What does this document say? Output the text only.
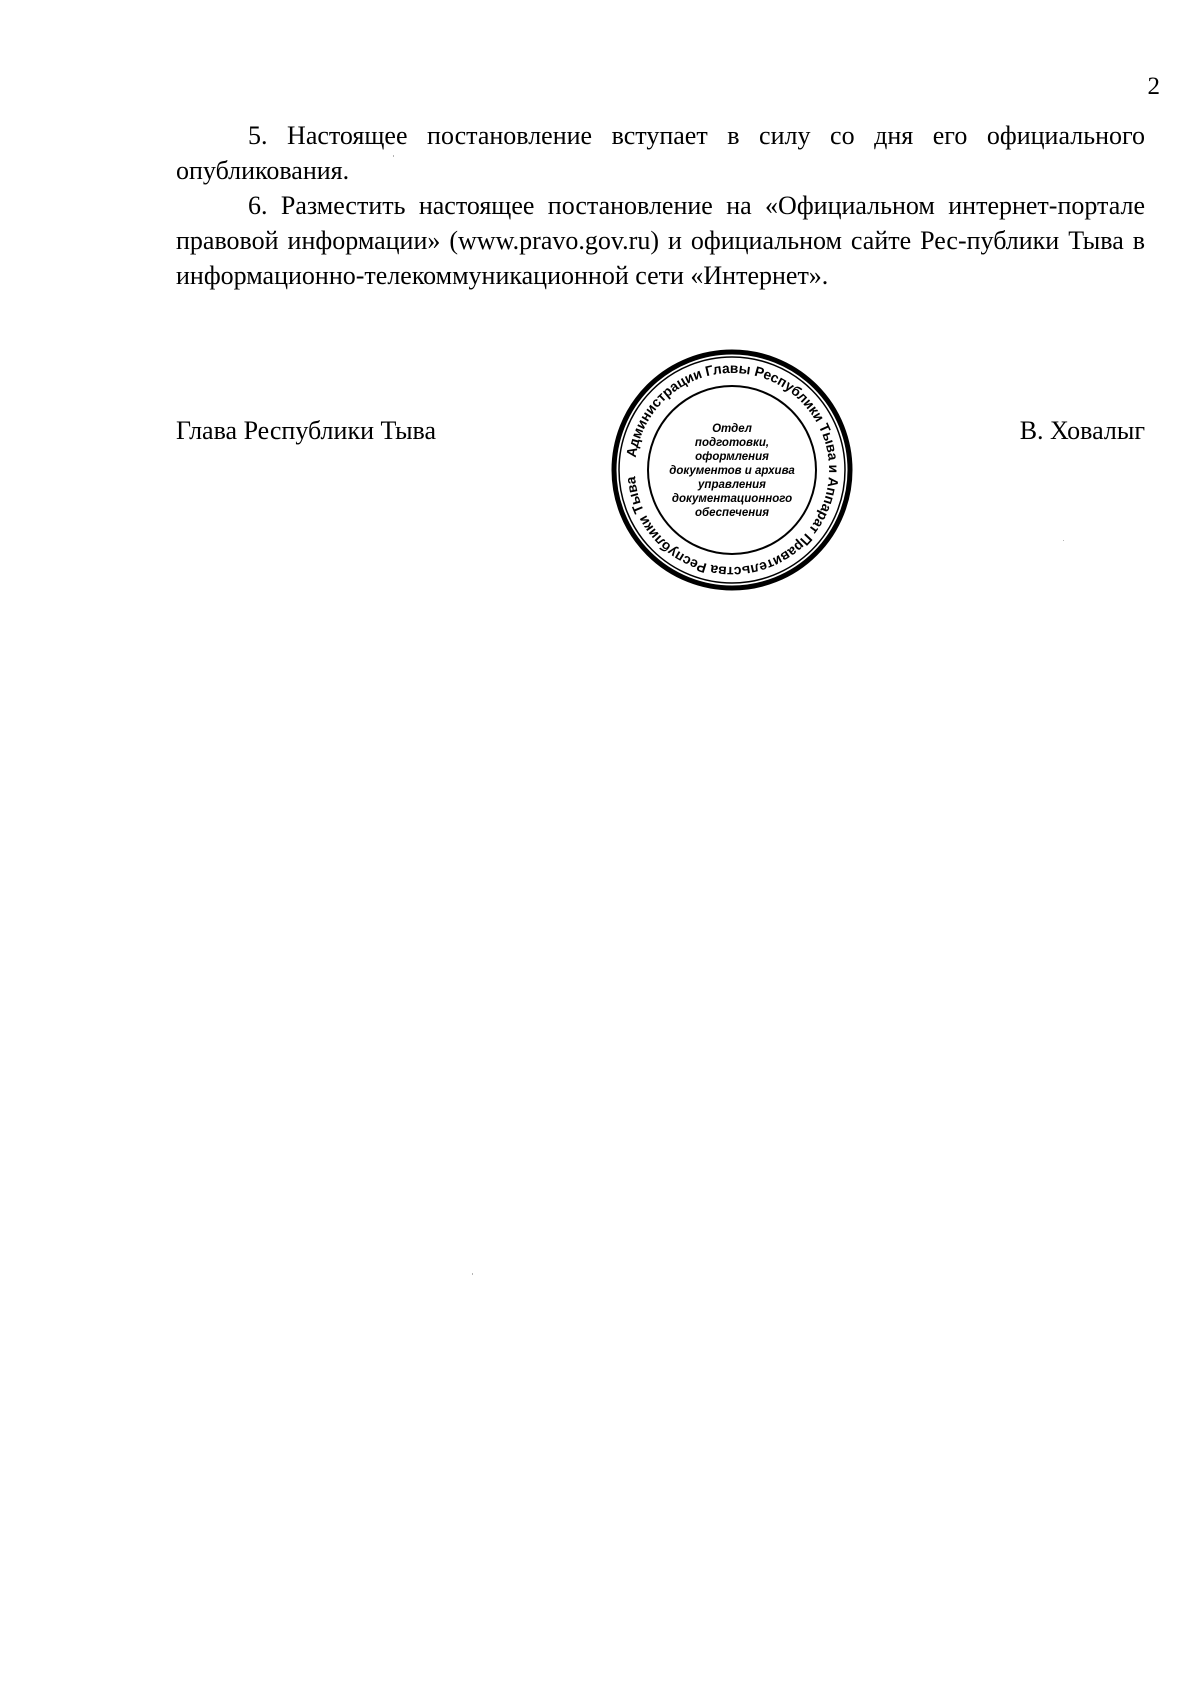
2

5. Настоящее постановление вступает в силу со дня его официального опубликования.

6. Разместить настоящее постановление на «Официальном интернет-портале правовой информации» (www.pravo.gov.ru) и официальном сайте Рес-публики Тыва в информационно-телекоммуникационной сети «Интернет».

Глава Республики Тыва	В. Ховалыг
Администрации Главы Республики Тыва и Аппарат Правительства Республики Тыва
Отдел
подготовки,
оформления
документов и архива
управления
документационного
обеспечения
